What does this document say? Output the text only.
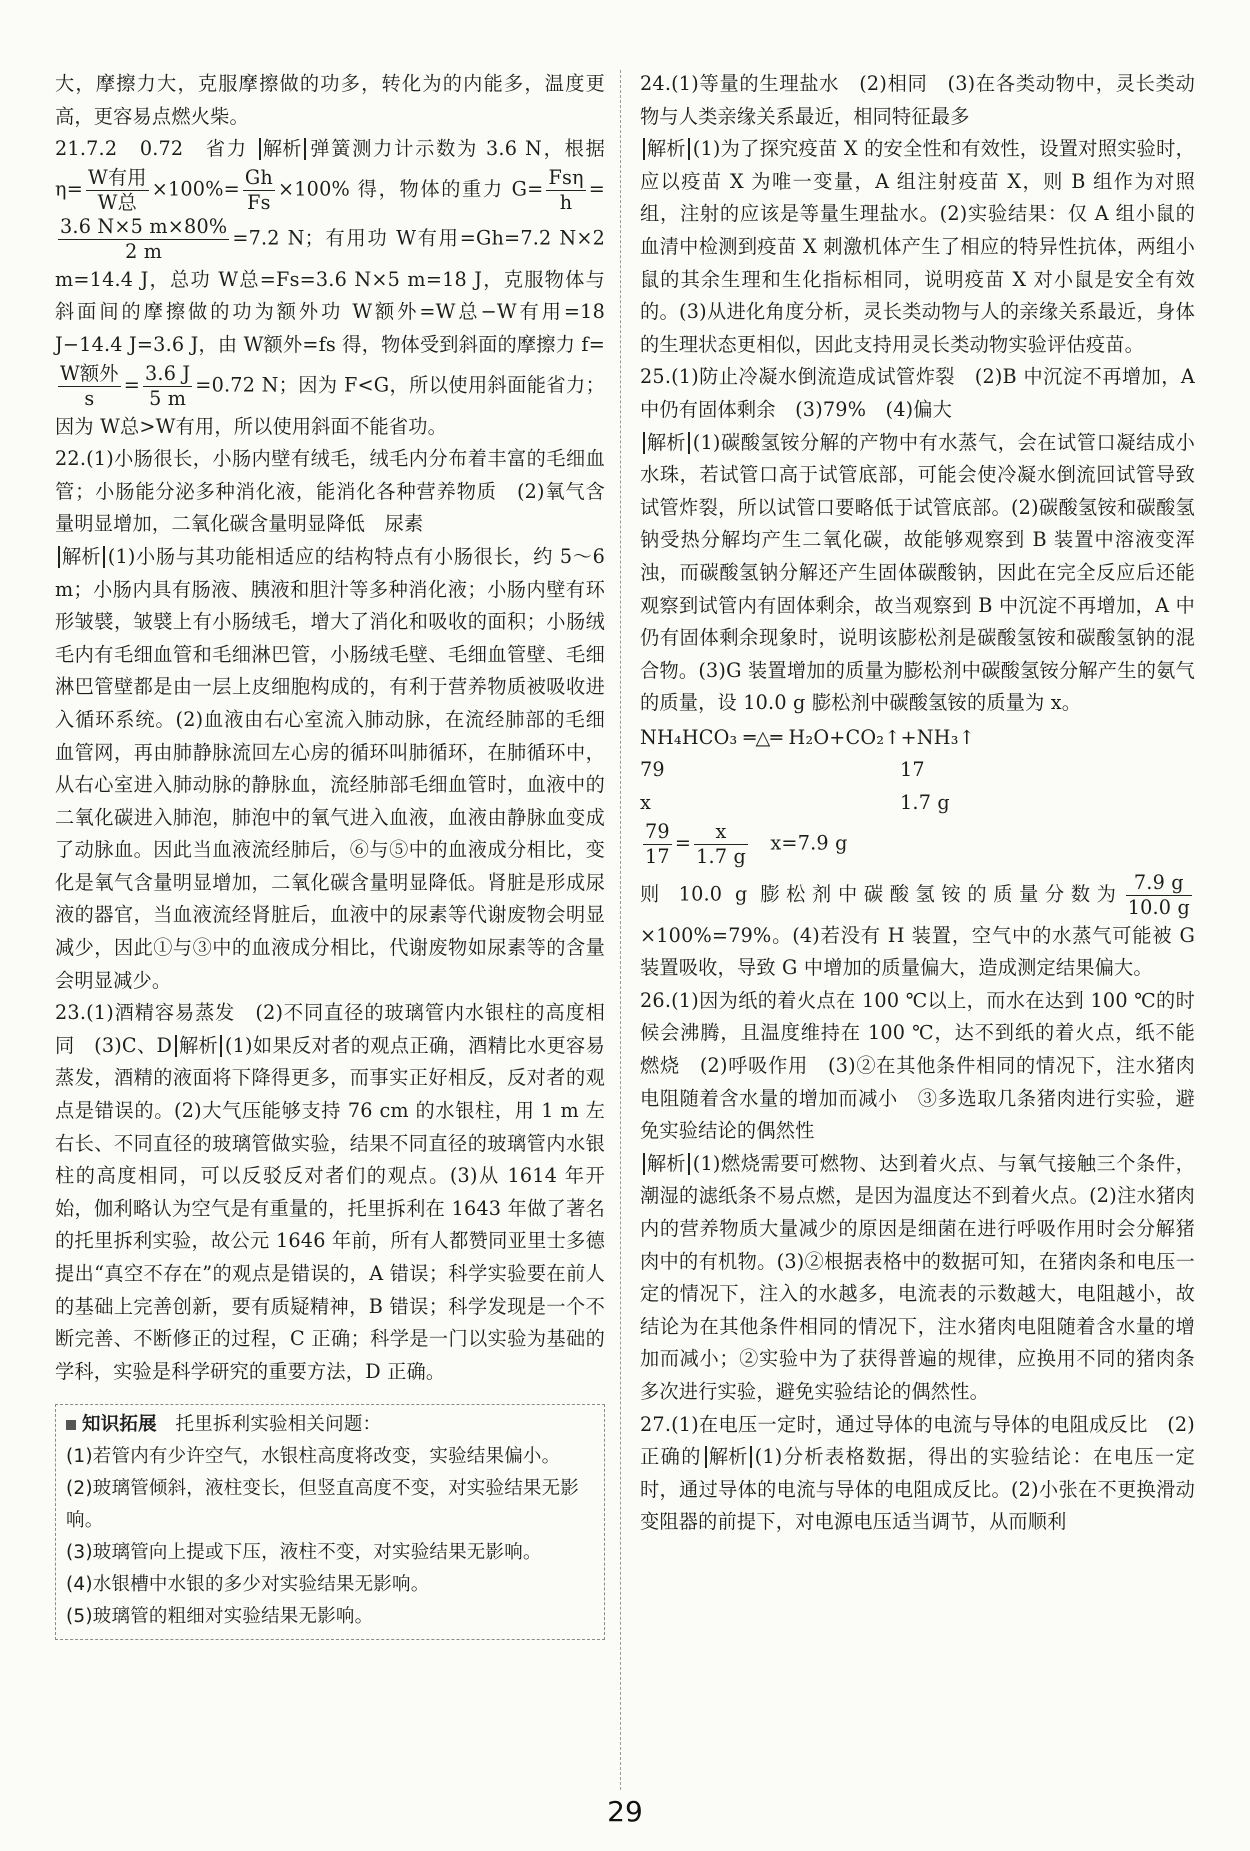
大，摩擦力大，克服摩擦做的功多，转化为的内能多，温度更高，更容易点燃火柴。

21.7.2　0.72　省力 解析 弹簧测力计示数为 3.6 N，根据 $\eta= \frac{\text{W有用}}{\text{W总}} \times 100\%= \frac{Gh}{Fs} \times 100\%$ 得，物体的重力 $G= \frac{\text{Fsη}}{h}$ =
$\frac{3.6 N\times 5 m\times 80\%}{2 m} =7.2$ N；有用功 W有用=Gh=7.2 N×2 m=14.4 J，总功 W总=Fs=3.6 N×5 m=18 J，克服物体与斜面间的摩擦做的功为额外功 W额外=W总−W有用=18 J−14.4 J=3.6 J，由 W额外=fs 得，物体受到斜面的摩擦力 f=
$\frac{\text{W额外}}{s} = \frac{3.6 J}{5 m} =0.72$ N；因为 F<G，所以使用斜面能省力；因为 W总>W有用，所以使用斜面不能省功。

22.(1)小肠很长，小肠内壁有绒毛，绒毛内分布着丰富的毛细血管；小肠能分泌多种消化液，能消化各种营养物质　(2)氧气含量明显增加，二氧化碳含量明显降低　尿素

解析 (1)小肠与其功能相适应的结构特点有小肠很长，约 5～6 m；小肠内具有肠液、胰液和胆汁等多种消化液；小肠内壁有环形皱襞，皱襞上有小肠绒毛，增大了消化和吸收的面积；小肠绒毛内有毛细血管和毛细淋巴管，小肠绒毛壁、毛细血管壁、毛细淋巴管壁都是由一层上皮细胞构成的，有利于营养物质被吸收进入循环系统。(2)血液由右心室流入肺动脉，在流经肺部的毛细血管网，再由肺静脉流回左心房的循环叫肺循环，在肺循环中，从右心室进入肺动脉的静脉血，流经肺部毛细血管时，血液中的二氧化碳进入肺泡，肺泡中的氧气进入血液，血液由静脉血变成了动脉血。因此当血液流经肺后，⑥与⑤中的血液成分相比，变化是氧气含量明显增加，二氧化碳含量明显降低。肾脏是形成尿液的器官，当血液流经肾脏后，血液中的尿素等代谢废物会明显减少，因此①与③中的血液成分相比，代谢废物如尿素等的含量会明显减少。

23.(1)酒精容易蒸发　(2)不同直径的玻璃管内水银柱的高度相同　(3)C、D 解析 (1)如果反对者的观点正确，酒精比水更容易蒸发，酒精的液面将下降得更多，而事实正好相反，反对者的观点是错误的。(2)大气压能够支持 76 cm 的水银柱，用 1 m 左右长、不同直径的玻璃管做实验，结果不同直径的玻璃管内水银柱的高度相同，可以反驳反对者们的观点。(3)从 1614 年开始，伽利略认为空气是有重量的，托里拆利在 1643 年做了著名的托里拆利实验，故公元 1646 年前，所有人都赞同亚里士多德提出“真空不存在”的观点是错误的，A 错误；科学实验要在前人的基础上完善创新，要有质疑精神，B 错误；科学发现是一个不断完善、不断修正的过程，C 正确；科学是一门以实验为基础的学科，实验是科学研究的重要方法，D 正确。

知识拓展　 托里拆利实验相关问题：
(1)若管内有少许空气，水银柱高度将改变，实验结果偏小。
(2)玻璃管倾斜，液柱变长，但竖直高度不变，对实验结果无影响。
(3)玻璃管向上提或下压，液柱不变，对实验结果无影响。
(4)水银槽中水银的多少对实验结果无影响。
(5)玻璃管的粗细对实验结果无影响。

24.(1)等量的生理盐水　(2)相同　(3)在各类动物中，灵长类动物与人类亲缘关系最近，相同特征最多

解析 (1)为了探究疫苗 X 的安全性和有效性，设置对照实验时，应以疫苗 X 为唯一变量，A 组注射疫苗 X，则 B 组作为对照组，注射的应该是等量生理盐水。(2)实验结果：仅 A 组小鼠的血清中检测到疫苗 X 刺激机体产生了相应的特异性抗体，两组小鼠的其余生理和生化指标相同，说明疫苗 X 对小鼠是安全有效的。(3)从进化角度分析，灵长类动物与人的亲缘关系最近，身体的生理状态更相似，因此支持用灵长类动物实验评估疫苗。

25.(1)防止冷凝水倒流造成试管炸裂　(2)B 中沉淀不再增加，A 中仍有固体剩余　(3)79%　(4)偏大

解析 (1)碳酸氢铵分解的产物中有水蒸气，会在试管口凝结成小水珠，若试管口高于试管底部，可能会使冷凝水倒流回试管导致试管炸裂，所以试管口要略低于试管底部。(2)碳酸氢铵和碳酸氢钠受热分解均产生二氧化碳，故能够观察到 B 装置中溶液变浑浊，而碳酸氢钠分解还产生固体碳酸钠，因此在完全反应后还能观察到试管内有固体剩余，故当观察到 B 中沉淀不再增加，A 中仍有固体剩余现象时，说明该膨松剂是碳酸氢铵和碳酸氢钠的混合物。(3)G 装置增加的质量为膨松剂中碳酸氢铵分解产生的氨气的质量，设 10.0 g 膨松剂中碳酸氢铵的质量为 x。

NH₄HCO₃ ═△═ H₂O+CO₂↑+NH₃↑
79	17
x	1.7 g
$\frac{79}{17} = \frac{x}{1.7 g}$
　 x=7.9 g

则 10.0 g 膨松剂中碳酸氢铵的质量分数为 $\frac{7.9 g}{10.0 g}$
×100%=79%。(4)若没有 H 装置，空气中的水蒸气可能被 G 装置吸收，导致 G 中增加的质量偏大，造成测定结果偏大。

26.(1)因为纸的着火点在 100 ℃以上，而水在达到 100 ℃的时候会沸腾，且温度维持在 100 ℃，达不到纸的着火点，纸不能燃烧　(2)呼吸作用　(3)②在其他条件相同的情况下，注水猪肉电阻随着含水量的增加而减小　③多选取几条猪肉进行实验，避免实验结论的偶然性

解析 (1)燃烧需要可燃物、达到着火点、与氧气接触三个条件，潮湿的滤纸条不易点燃，是因为温度达不到着火点。(2)注水猪肉内的营养物质大量减少的原因是细菌在进行呼吸作用时会分解猪肉中的有机物。(3)②根据表格中的数据可知，在猪肉条和电压一定的情况下，注入的水越多，电流表的示数越大，电阻越小，故结论为在其他条件相同的情况下，注水猪肉电阻随着含水量的增加而减小；②实验中为了获得普遍的规律，应换用不同的猪肉条多次进行实验，避免实验结论的偶然性。

27.(1)在电压一定时，通过导体的电流与导体的电阻成反比　(2)正确的 解析 (1)分析表格数据，得出的实验结论：在电压一定时，通过导体的电流与导体的电阻成反比。(2)小张在不更换滑动变阻器的前提下，对电源电压适当调节，从而顺利

29
